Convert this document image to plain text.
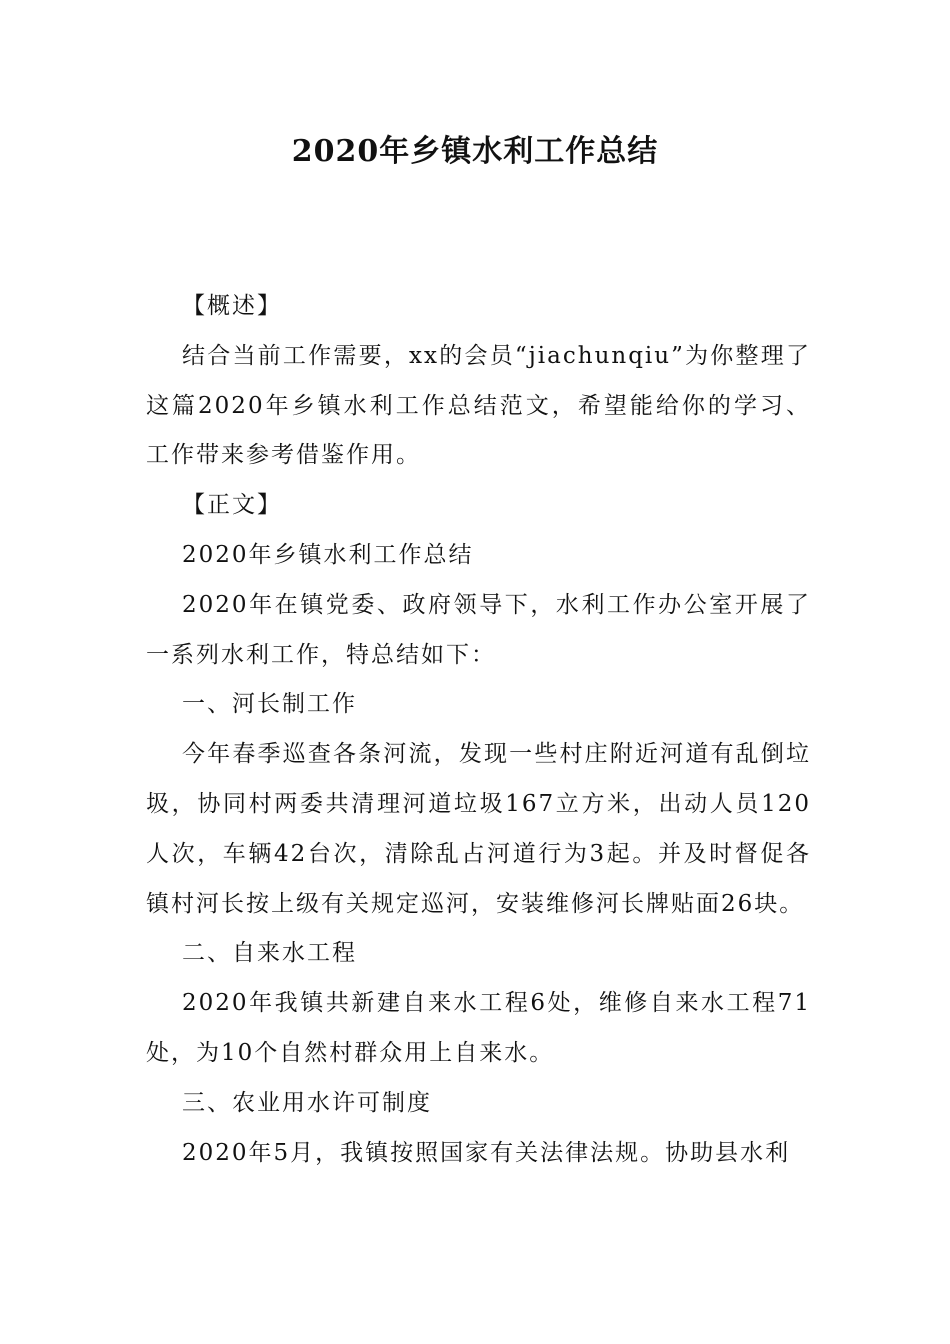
2020年乡镇水利工作总结

【概述】

结合当前工作需要，xx的会员“jiachunqiu”为你整理了这篇2020年乡镇水利工作总结范文，希望能给你的学习、工作带来参考借鉴作用。

【正文】

2020年乡镇水利工作总结

2020年在镇党委、政府领导下，水利工作办公室开展了一系列水利工作，特总结如下：

一、河长制工作

今年春季巡查各条河流，发现一些村庄附近河道有乱倒垃圾，协同村两委共清理河道垃圾167立方米，出动人员120人次，车辆42台次，清除乱占河道行为3起。并及时督促各镇村河长按上级有关规定巡河，安装维修河长牌贴面26块。

二、自来水工程

2020年我镇共新建自来水工程6处，维修自来水工程71处，为10个自然村群众用上自来水。

三、农业用水许可制度

2020年5月，我镇按照国家有关法律法规。协助县水利
